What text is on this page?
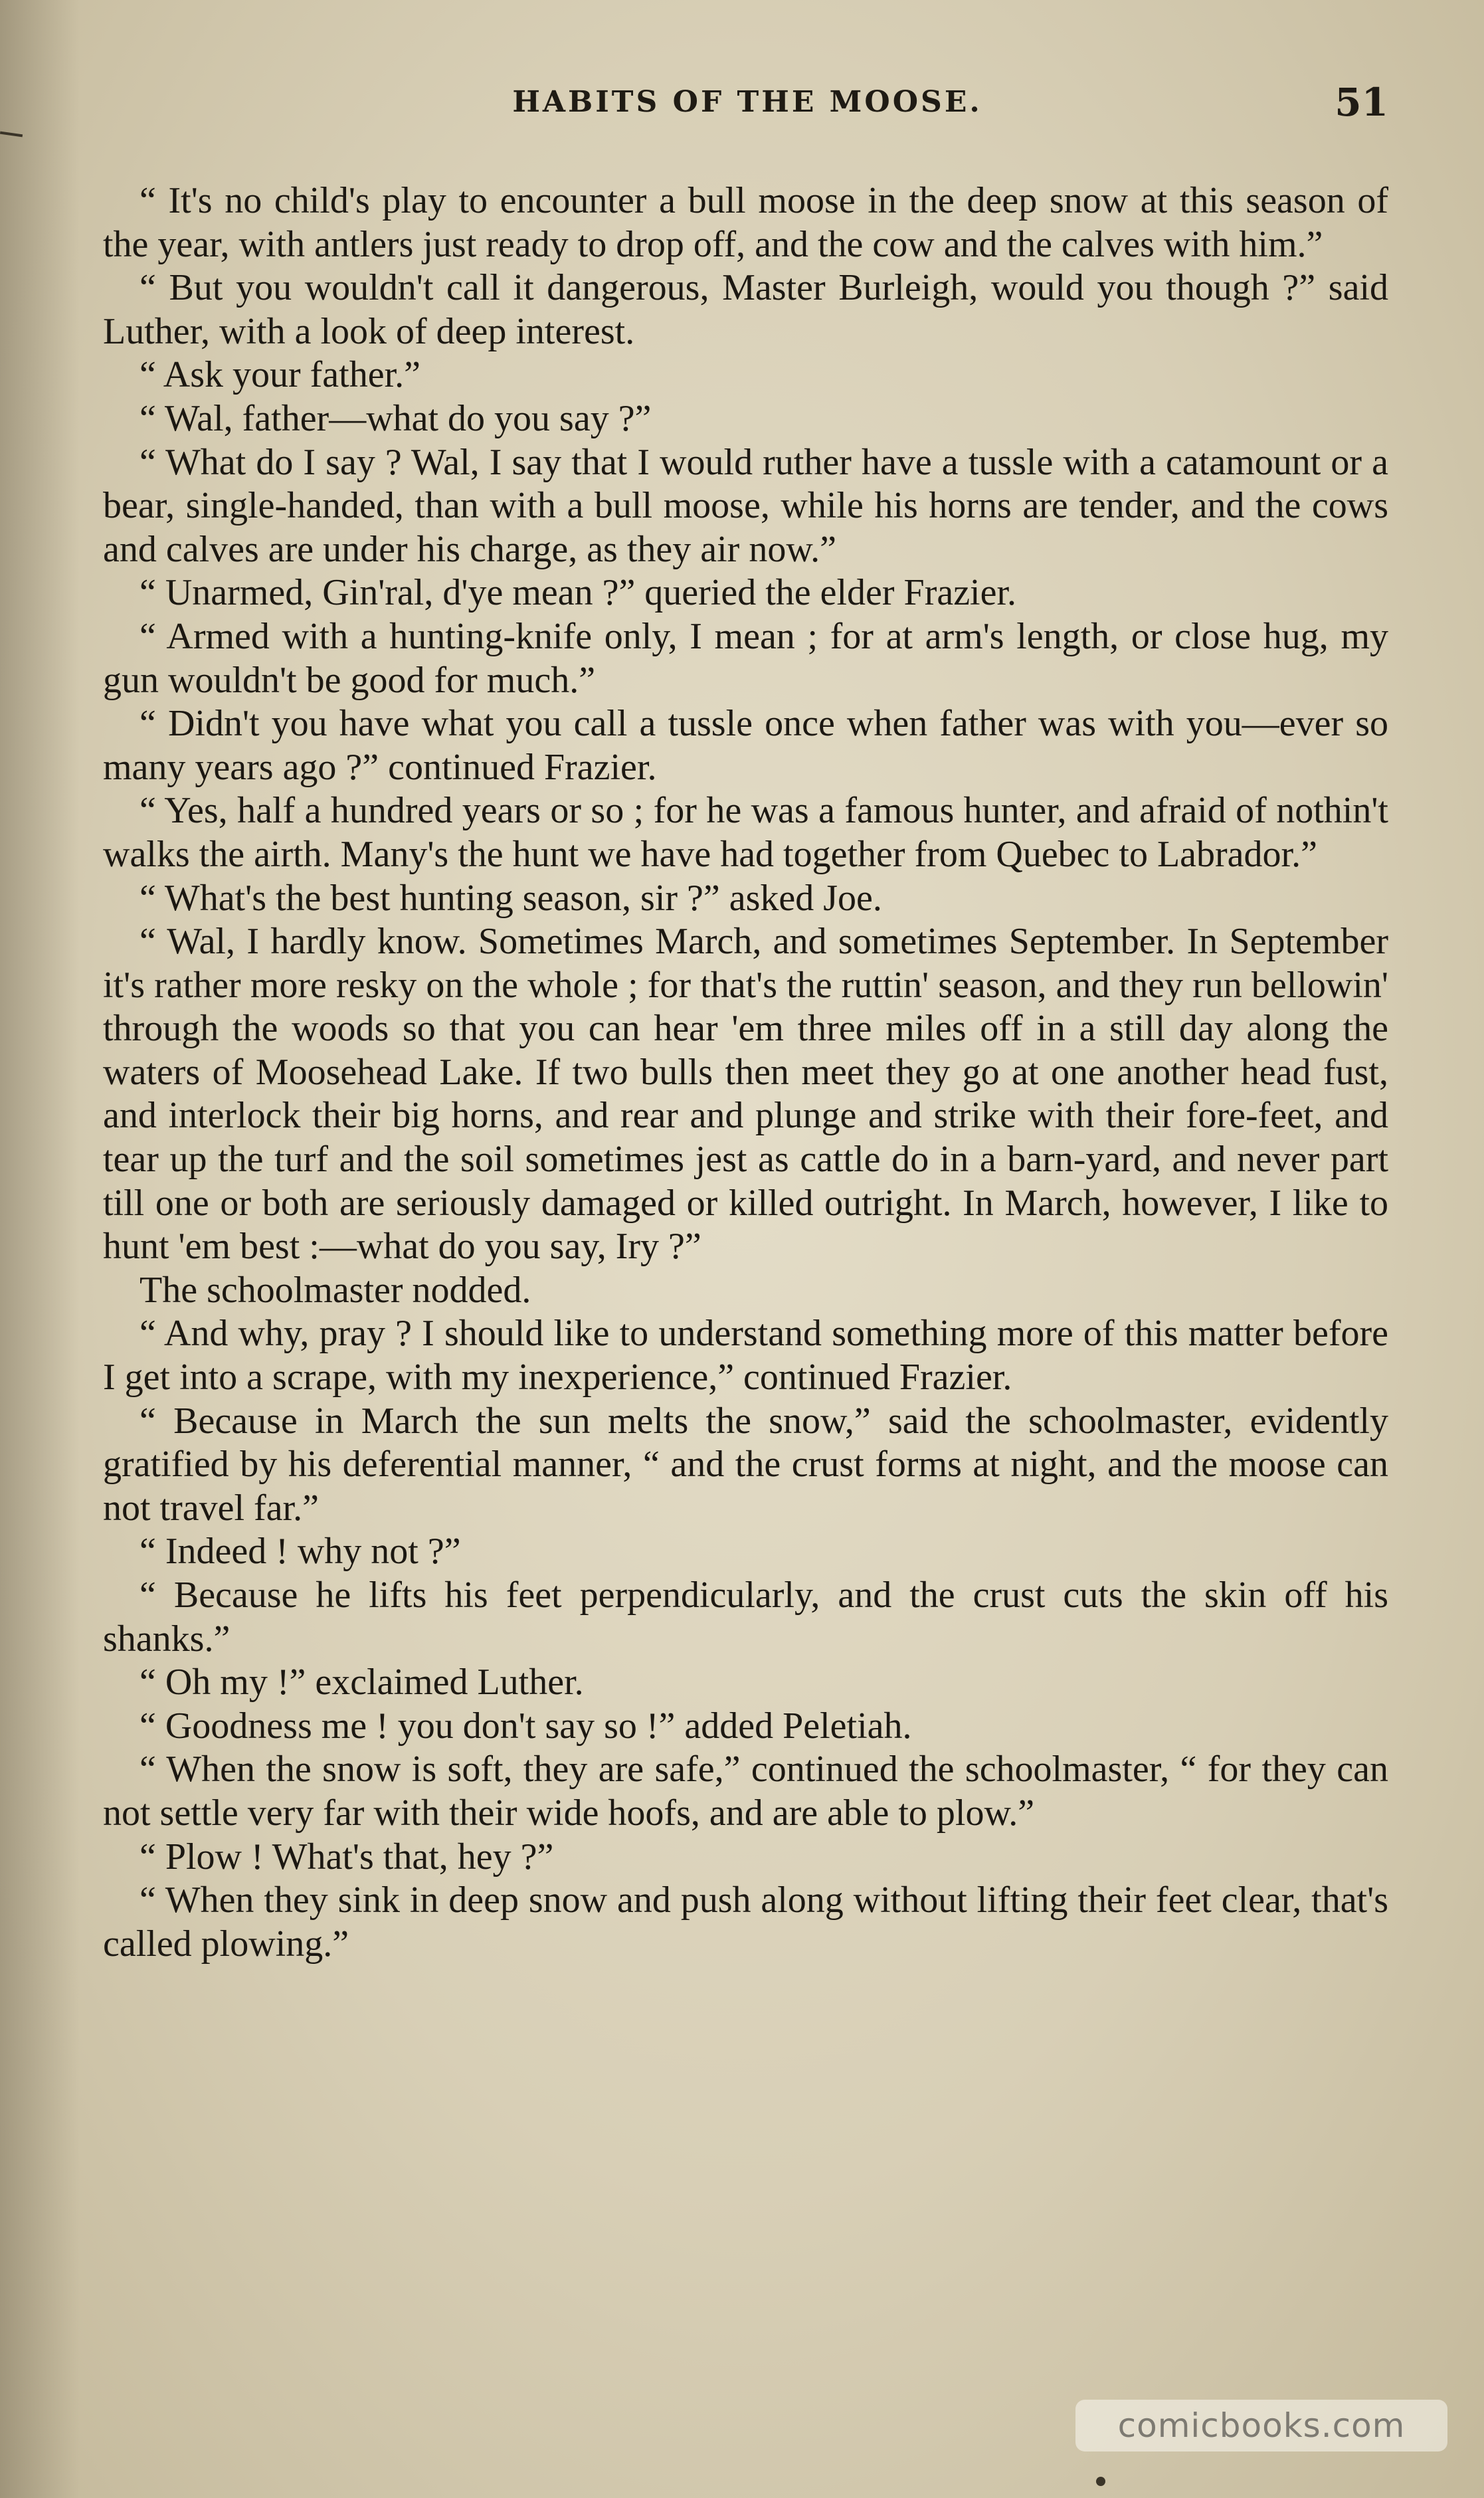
HABITS OF THE MOOSE.	51

“ It's no child's play to encounter a bull moose in the deep snow at this season of the year, with antlers just ready to drop off, and the cow and the calves with him.”

“ But you wouldn't call it dangerous, Master Burleigh, would you though ?” said Luther, with a look of deep interest.

“ Ask your father.”

“ Wal, father—what do you say ?”

“ What do I say ? Wal, I say that I would ruther have a tussle with a catamount or a bear, single-handed, than with a bull moose, while his horns are tender, and the cows and calves are under his charge, as they air now.”

“ Unarmed, Gin'ral, d'ye mean ?” queried the elder Frazier.

“ Armed with a hunting-knife only, I mean ; for at arm's length, or close hug, my gun wouldn't be good for much.”

“ Didn't you have what you call a tussle once when father was with you—ever so many years ago ?” continued Frazier.

“ Yes, half a hundred years or so ; for he was a famous hunter, and afraid of nothin't walks the airth. Many's the hunt we have had together from Quebec to Labrador.”

“ What's the best hunting season, sir ?” asked Joe.

“ Wal, I hardly know. Sometimes March, and sometimes September. In September it's rather more resky on the whole ; for that's the ruttin' season, and they run bellowin' through the woods so that you can hear 'em three miles off in a still day along the waters of Moosehead Lake. If two bulls then meet they go at one another head fust, and interlock their big horns, and rear and plunge and strike with their fore-feet, and tear up the turf and the soil sometimes jest as cattle do in a barn-yard, and never part till one or both are seriously damaged or killed outright. In March, however, I like to hunt 'em best :—what do you say, Iry ?”

The schoolmaster nodded.

“ And why, pray ? I should like to understand something more of this matter before I get into a scrape, with my inexperience,” continued Frazier.

“ Because in March the sun melts the snow,” said the schoolmaster, evidently gratified by his deferential manner, “ and the crust forms at night, and the moose can not travel far.”

“ Indeed ! why not ?”

“ Because he lifts his feet perpendicularly, and the crust cuts the skin off his shanks.”

“ Oh my !” exclaimed Luther.

“ Goodness me ! you don't say so !” added Peletiah.

“ When the snow is soft, they are safe,” continued the schoolmaster, “ for they can not settle very far with their wide hoofs, and are able to plow.”

“ Plow ! What's that, hey ?”

“ When they sink in deep snow and push along without lifting their feet clear, that's called plowing.”

comicbooks.com
